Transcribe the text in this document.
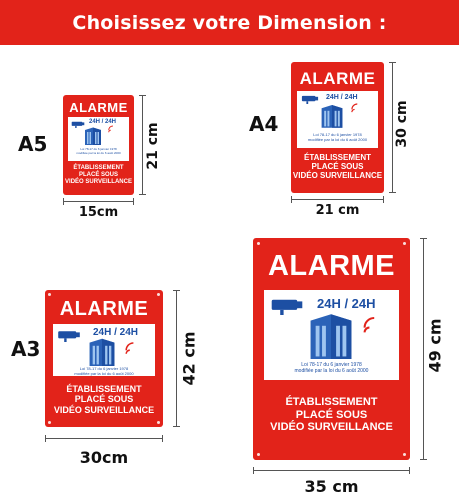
Choisissez votre Dimension :
A5
ALARME
24H / 24H
Loi 78-17 du 6 janvier 1978
modifiée par la loi du 6 août 2000
ÉTABLISSEMENT
PLACÉ SOUS
VIDÉO SURVEILLANCE
21 cm
15cm
A4
ALARME
24H / 24H
Loi 78-17 du 6 janvier 1978
modifiée par la loi du 6 août 2000
ÉTABLISSEMENT
PLACÉ SOUS
VIDÉO SURVEILLANCE
30 cm
21 cm
A3
ALARME
24H / 24H
Loi 78-17 du 6 janvier 1978
modifiée par la loi du 6 août 2000
ÉTABLISSEMENT
PLACÉ SOUS
VIDÉO SURVEILLANCE
42 cm
30cm
ALARME
24H / 24H
Loi 78-17 du 6 janvier 1978
modifiée par la loi du 6 août 2000
ÉTABLISSEMENT
PLACÉ SOUS
VIDÉO SURVEILLANCE
49 cm
35 cm
